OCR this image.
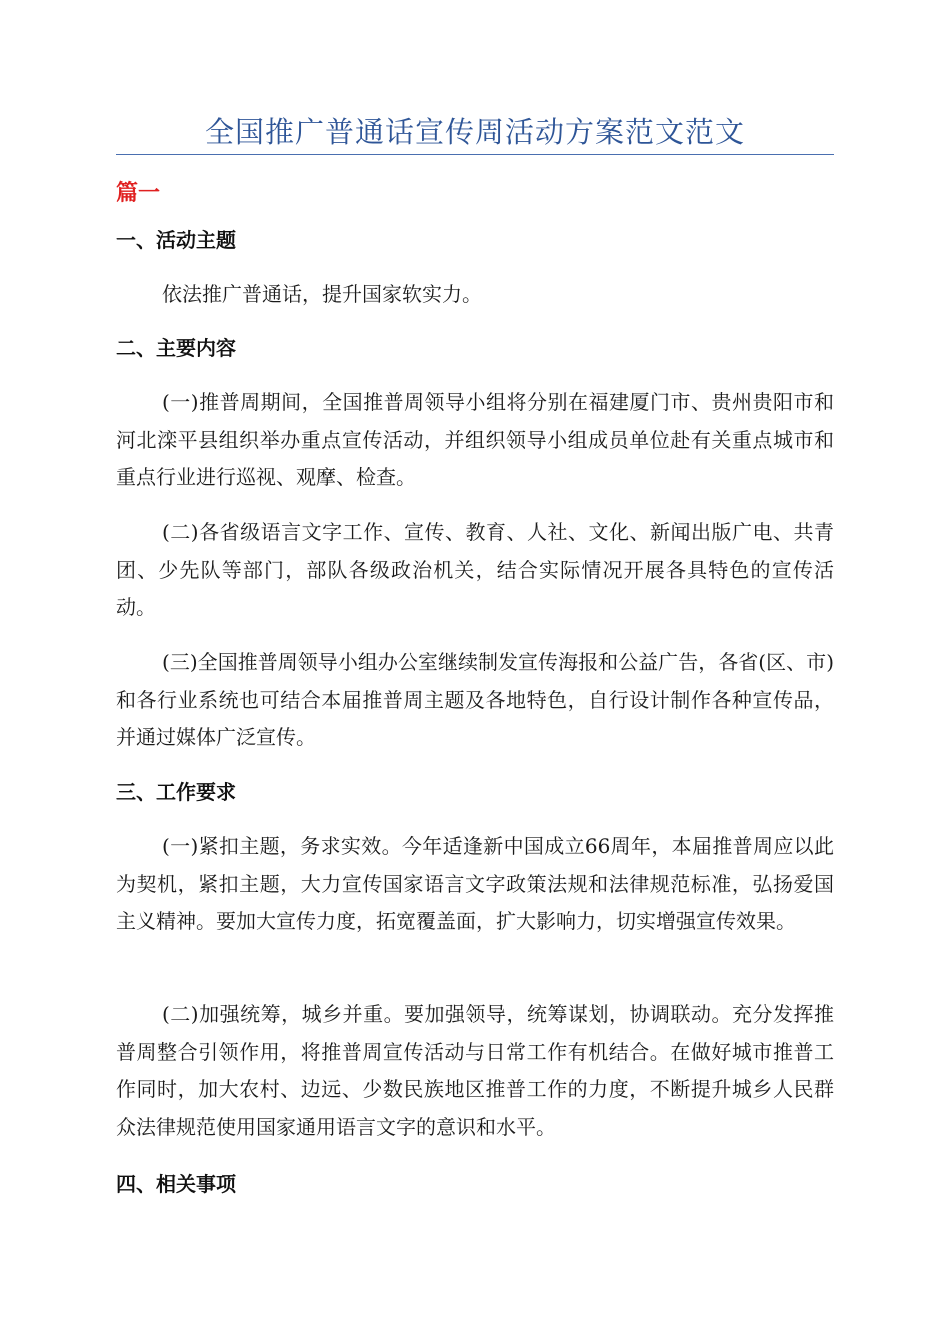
全国推广普通话宣传周活动方案范文范文
篇一
一、活动主题
依法推广普通话，提升国家软实力。
二、主要内容
(一)推普周期间，全国推普周领导小组将分别在福建厦门市、贵州贵阳市和河北滦平县组织举办重点宣传活动，并组织领导小组成员单位赴有关重点城市和重点行业进行巡视、观摩、检查。
(二)各省级语言文字工作、宣传、教育、人社、文化、新闻出版广电、共青团、少先队等部门，部队各级政治机关，结合实际情况开展各具特色的宣传活动。
(三)全国推普周领导小组办公室继续制发宣传海报和公益广告，各省(区、市)和各行业系统也可结合本届推普周主题及各地特色，自行设计制作各种宣传品，并通过媒体广泛宣传。
三、工作要求
(一)紧扣主题，务求实效。今年适逢新中国成立66周年，本届推普周应以此为契机，紧扣主题，大力宣传国家语言文字政策法规和法律规范标准，弘扬爱国主义精神。要加大宣传力度，拓宽覆盖面，扩大影响力，切实增强宣传效果。
(二)加强统筹，城乡并重。要加强领导，统筹谋划，协调联动。充分发挥推普周整合引领作用，将推普周宣传活动与日常工作有机结合。在做好城市推普工作同时，加大农村、边远、少数民族地区推普工作的力度，不断提升城乡人民群众法律规范使用国家通用语言文字的意识和水平。
四、相关事项
